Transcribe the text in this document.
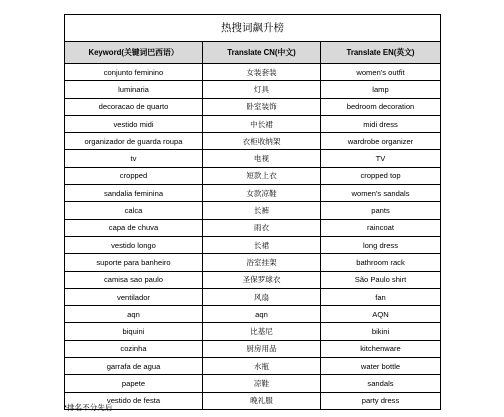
热搜词飙升榜		
Keyword(关键词巴西语）	Translate CN(中文)	Translate EN(英文)
conjunto feminino	女装套装	women's outfit
luminaria	灯具	lamp
decoracao de quarto	卧室装饰	bedroom decoration
vestido midi	中长裙	midi dress
organizador de guarda roupa	衣柜收纳架	wardrobe organizer
tv	电视	TV
cropped	短款上衣	cropped top
sandalia feminina	女款凉鞋	women's sandals
calca	长裤	pants
capa de chuva	雨衣	raincoat
vestido longo	长裙	long dress
suporte para banheiro	浴室挂架	bathroom rack
camisa sao paulo	圣保罗球衣	São Paulo shirt
ventilador	风扇	fan
aqn	aqn	AQN
biquini	比基尼	bikini
cozinha	厨房用品	kitchenware
garrafa de agua	水瓶	water bottle
papete	凉鞋	sandals
vestido de festa	晚礼服	party dress
*排名不分先后
